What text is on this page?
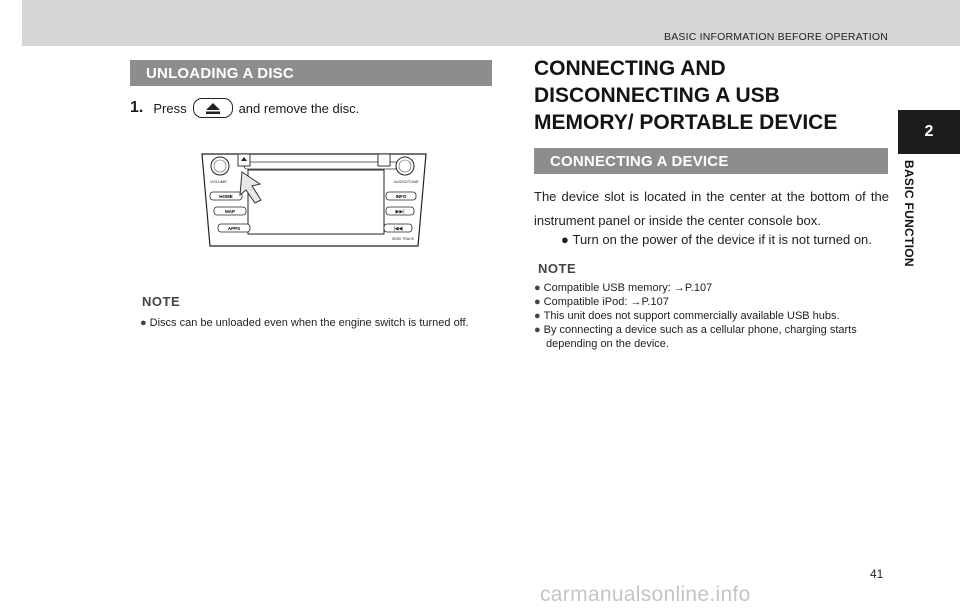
BASIC INFORMATION BEFORE OPERATION
2
BASIC FUNCTION
UNLOADING A DISC
1. Press	and remove the disc.
VOLUME	AUDIO/TUNE
HOME
MAP
APPS
INFO
▶▶|
|◀◀
SEEK TRACK
NOTE
● Discs can be unloaded even when the engine switch is turned off.
CONNECTING AND DISCONNECTING A USB MEMORY/ PORTABLE DEVICE
CONNECTING A DEVICE
The device slot is located in the center at the bottom of the instrument panel or inside the center console box.
● Turn on the power of the device if it is not turned on.
NOTE
● Compatible USB memory: →P.107
● Compatible iPod: →P.107
● This unit does not support commercially available USB hubs.
● By connecting a device such as a cellular phone, charging starts depending on the device.
41
carmanualsonline.info
